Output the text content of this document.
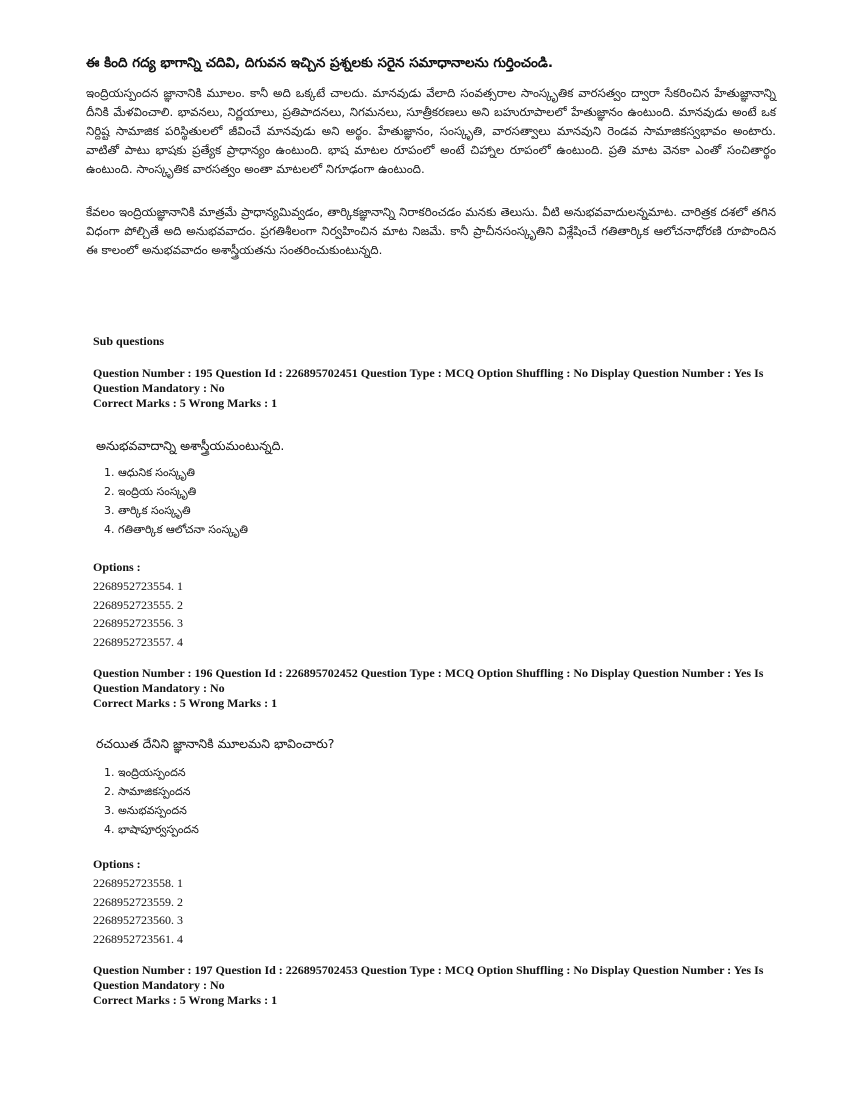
ఈ కింది గద్య భాగాన్ని చదివి, దిగువన ఇచ్చిన ప్రశ్నలకు సరైన సమాధానాలను గుర్తించండి.
ఇంద్రియస్పందన జ్ఞానానికి మూలం. కానీ అది ఒక్కటే చాలదు. మానవుడు వేలాది సంవత్సరాల సాంస్కృతిక వారసత్వం ద్వారా సేకరించిన హేతుజ్ఞానాన్ని దీనికి మేళవించాలి. భావనలు, నిర్ణయాలు, ప్రతిపాదనలు, నిగమనలు, సూత్రీకరణలు అని బహురూపాలలో హేతుజ్ఞానం ఉంటుంది. మానవుడు అంటే ఒక నిర్దిష్ట సామాజిక పరిస్థితులలో జీవించే మానవుడు అని అర్థం. హేతుజ్ఞానం, సంస్కృతి, వారసత్వాలు మానవుని రెండవ సామాజికస్వభావం అంటారు. వాటితో పాటు భాషకు ప్రత్యేక ప్రాధాన్యం ఉంటుంది. భాష మాటల రూపంలో అంటే చిహ్నాల రూపంలో ఉంటుంది. ప్రతి మాట వెనకా ఎంతో సంచితార్థం ఉంటుంది. సాంస్కృతిక వారసత్వం అంతా మాటలలో నిగూఢంగా ఉంటుంది.
కేవలం ఇంద్రియజ్ఞానానికి మాత్రమే ప్రాధాన్యమివ్వడం, తార్కికజ్ఞానాన్ని నిరాకరించడం మనకు తెలుసు. వీటి అనుభవవాదులన్నమాట. చారిత్రక దశలో తగిన విధంగా పోల్చితే అది అనుభవవాదం. ప్రగతిశీలంగా నిర్వహించిన మాట నిజమే. కానీ ప్రాచీనసంస్కృతిని విశ్లేషించే గతితార్కిక ఆలోచనాధోరణి రూపొందిన ఈ కాలంలో అనుభవవాదం అశాస్త్రీయతను సంతరించుకుంటున్నది.
Sub questions
Question Number : 195 Question Id : 226895702451 Question Type : MCQ Option Shuffling : No Display Question Number : Yes Is
Question Mandatory : No
Correct Marks : 5 Wrong Marks : 1
అనుభవవాదాన్ని అశాస్త్రీయమంటున్నది.
1. ఆధునిక సంస్కృతి
2. ఇంద్రియ సంస్కృతి
3. తార్కిక సంస్కృతి
4. గతితార్కిక ఆలోచనా సంస్కృతి
Options :
2268952723554. 1
2268952723555. 2
2268952723556. 3
2268952723557. 4
Question Number : 196 Question Id : 226895702452 Question Type : MCQ Option Shuffling : No Display Question Number : Yes Is
Question Mandatory : No
Correct Marks : 5 Wrong Marks : 1
రచయిత దేనిని జ్ఞానానికి మూలమని భావించారు?
1. ఇంద్రియస్పందన
2. సామాజికస్పందన
3. అనుభవస్పందన
4. భాషాపూర్వస్పందన
Options :
2268952723558. 1
2268952723559. 2
2268952723560. 3
2268952723561. 4
Question Number : 197 Question Id : 226895702453 Question Type : MCQ Option Shuffling : No Display Question Number : Yes Is
Question Mandatory : No
Correct Marks : 5 Wrong Marks : 1
